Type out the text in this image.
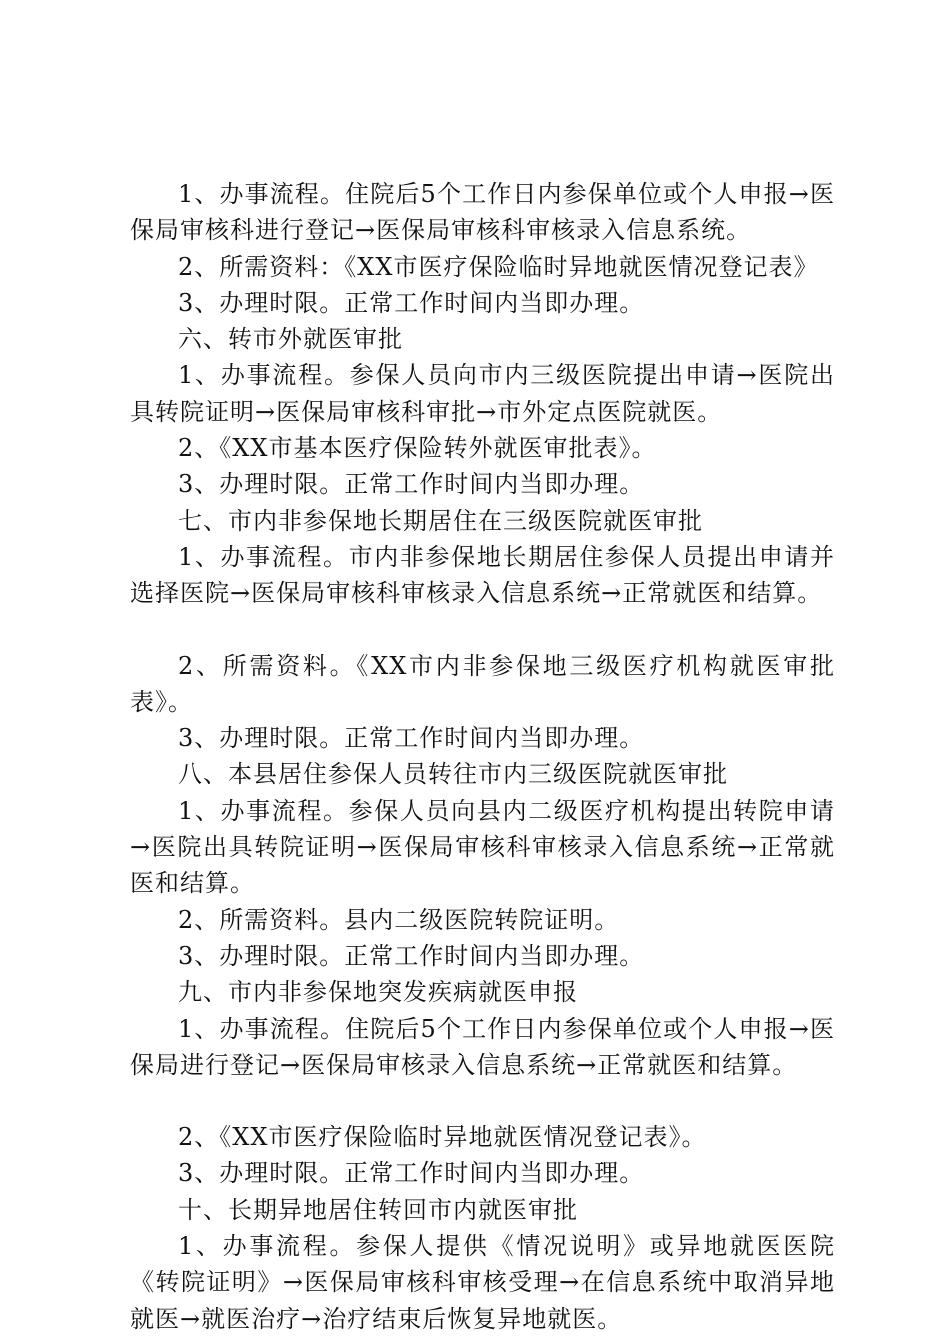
1、办事流程。住院后5个工作日内参保单位或个人申报→医保局审核科进行登记→医保局审核科审核录入信息系统。

2、所需资料：《XX市医疗保险临时异地就医情况登记表》

3、办理时限。正常工作时间内当即办理。

六、转市外就医审批

1、办事流程。参保人员向市内三级医院提出申请→医院出具转院证明→医保局审核科审批→市外定点医院就医。

2、《XX市基本医疗保险转外就医审批表》。

3、办理时限。正常工作时间内当即办理。

七、市内非参保地长期居住在三级医院就医审批

1、办事流程。市内非参保地长期居住参保人员提出申请并选择医院→医保局审核科审核录入信息系统→正常就医和结算。

2、所需资料。《XX市内非参保地三级医疗机构就医审批表》。

3、办理时限。正常工作时间内当即办理。

八、本县居住参保人员转往市内三级医院就医审批

1、办事流程。参保人员向县内二级医疗机构提出转院申请→医院出具转院证明→医保局审核科审核录入信息系统→正常就医和结算。

2、所需资料。县内二级医院转院证明。

3、办理时限。正常工作时间内当即办理。

九、市内非参保地突发疾病就医申报

1、办事流程。住院后5个工作日内参保单位或个人申报→医保局进行登记→医保局审核录入信息系统→正常就医和结算。

2、《XX市医疗保险临时异地就医情况登记表》。

3、办理时限。正常工作时间内当即办理。

十、长期异地居住转回市内就医审批

1、办事流程。参保人提供《情况说明》或异地就医医院《转院证明》→医保局审核科审核受理→在信息系统中取消异地就医→就医治疗→治疗结束后恢复异地就医。
